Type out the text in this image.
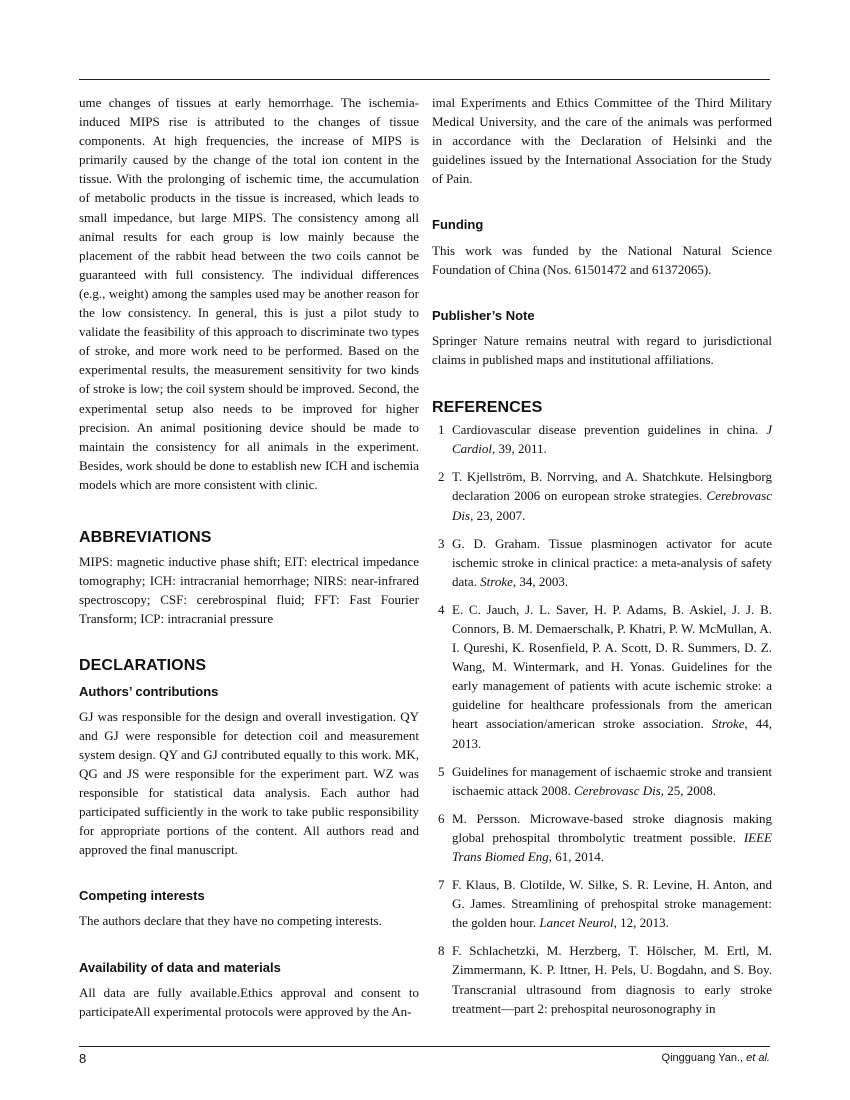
ume changes of tissues at early hemorrhage. The ischemia-induced MIPS rise is attributed to the changes of tissue components. At high frequencies, the increase of MIPS is primarily caused by the change of the total ion content in the tissue. With the prolonging of ischemic time, the accumulation of metabolic products in the tissue is increased, which leads to small impedance, but large MIPS. The consistency among all animal results for each group is low mainly because the placement of the rabbit head between the two coils cannot be guaranteed with full consistency. The individual differences (e.g., weight) among the samples used may be another reason for the low consistency. In general, this is just a pilot study to validate the feasibility of this approach to discriminate two types of stroke, and more work need to be performed. Based on the experimental results, the measurement sensitivity for two kinds of stroke is low; the coil system should be improved. Second, the experimental setup also needs to be improved for higher precision. An animal positioning device should be made to maintain the consistency for all animals in the experiment. Besides, work should be done to establish new ICH and ischemia models which are more consistent with clinic.

ABBREVIATIONS

MIPS: magnetic inductive phase shift; EIT: electrical impedance tomography; ICH: intracranial hemorrhage; NIRS: near-infrared spectroscopy; CSF: cerebrospinal fluid; FFT: Fast Fourier Transform; ICP: intracranial pressure

DECLARATIONS
Authors’ contributions

GJ was responsible for the design and overall investigation. QY and GJ were responsible for detection coil and measurement system design. QY and GJ contributed equally to this work. MK, QG and JS were responsible for the experiment part. WZ was responsible for statistical data analysis. Each author had participated sufficiently in the work to take public responsibility for appropriate portions of the content. All authors read and approved the final manuscript.

Competing interests

The authors declare that they have no competing interests.

Availability of data and materials

All data are fully available.Ethics approval and consent to participateAll experimental protocols were approved by the An-

imal Experiments and Ethics Committee of the Third Military Medical University, and the care of the animals was performed in accordance with the Declaration of Helsinki and the guidelines issued by the International Association for the Study of Pain.

Funding

This work was funded by the National Natural Science Foundation of China (Nos. 61501472 and 61372065).

Publisher’s Note

Springer Nature remains neutral with regard to jurisdictional claims in published maps and institutional affiliations.

REFERENCES
1 Cardiovascular disease prevention guidelines in china. J Cardiol, 39, 2011.
2 T. Kjellström, B. Norrving, and A. Shatchkute. Helsingborg declaration 2006 on european stroke strategies. Cerebrovasc Dis, 23, 2007.
3 G. D. Graham. Tissue plasminogen activator for acute ischemic stroke in clinical practice: a meta-analysis of safety data. Stroke, 34, 2003.
4 E. C. Jauch, J. L. Saver, H. P. Adams, B. Askiel, J. J. B. Connors, B. M. Demaerschalk, P. Khatri, P. W. McMullan, A. I. Qureshi, K. Rosenfield, P. A. Scott, D. R. Summers, D. Z. Wang, M. Wintermark, and H. Yonas. Guidelines for the early management of patients with acute ischemic stroke: a guideline for healthcare professionals from the american heart association/american stroke association. Stroke, 44, 2013.
5 Guidelines for management of ischaemic stroke and transient ischaemic attack 2008. Cerebrovasc Dis, 25, 2008.
6 M. Persson. Microwave-based stroke diagnosis making global prehospital thrombolytic treatment possible. IEEE Trans Biomed Eng, 61, 2014.
7 F. Klaus, B. Clotilde, W. Silke, S. R. Levine, H. Anton, and G. James. Streamlining of prehospital stroke management: the golden hour. Lancet Neurol, 12, 2013.
8 F. Schlachetzki, M. Herzberg, T. Hölscher, M. Ertl, M. Zimmermann, K. P. Ittner, H. Pels, U. Bogdahn, and S. Boy. Transcranial ultrasound from diagnosis to early stroke treatment—part 2: prehospital neurosonography in
8	Qingguang Yan., et al.
